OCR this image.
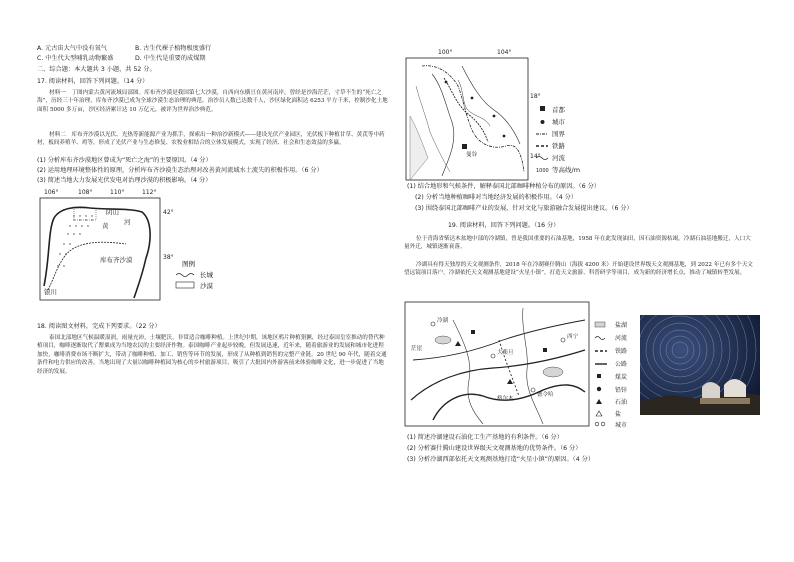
A. 元古宙大气中没有氧气	B. 古生代裸子植物极度盛行
C. 中生代大型哺乳动物繁盛	D. 中生代是重要的成煤期
二、综合题：本大题共 3 小题，共 52 分。
17. 阅读材料，回答下列问题。（14 分）
材料一　丁图内蒙古黄河流域局部图。库布齐沙漠是我国第七大沙漠，自西向东横亘在黄河南岸，曾经是沙海茫茫，寸草不生的“死亡之海”，历经三十年治理，库布齐沙漠已成为全球沙漠生态治理的典范。治沙员人数已达数千人，沙区绿化面积达 6253 平方千米，控制沙化土地面积 5000 多万亩，沙区经济累计达 10 万亿元，被评为世界治沙典范。
材料二　库布齐沙漠以光伏、光热等新能源产业为抓手，探索出一种治沙新模式——建设光伏产业园区，光伏板下种植甘草、黄芪等中药材，板间养殖羊、鸡等，形成了光伏产业与生态修复、农牧业相结合的立体发展模式，实现了经济、社会和生态效益的多赢。
(1) 分析库布齐沙漠地区曾成为“死亡之海”的主要原因。（4 分）
(2) 运用地理环境整体性的原理，分析库布齐沙漠生态治理对改善黄河流域水土流失的积极作用。（6 分）
(3) 简述当地大力发展光伏发电对治理沙漠的积极影响。（4 分）
106°	108°	110°	112°
42°
38°
阴山
河
黄
库布齐沙漠
银川
图例
长城
沙漠
18. 阅读图文材料，完成下列要求。（22 分）
泰国北部地区气候温暖湿润，雨量充沛，土壤肥沃，非常适合咖啡种植。上世纪中期，该地区鸦片种植猖獗，经过泰国皇室推动的替代种植项目，咖啡逐渐取代了罂粟成为当地农民的主要经济作物。泰国咖啡产业起步较晚，但发展迅速，近年来，随着旅游业的发展和城市化进程加快，咖啡消费市场不断扩大，带动了咖啡种植、加工、销售等环节的发展，形成了从种植到销售的完整产业链。20 世纪 90 年代，随着交通条件和电力供应的改善，当地出现了大量以咖啡种植园为核心的乡村旅游项目，吸引了大批国内外游客前来体验咖啡文化，进一步促进了当地经济的发展。
100°	104°
18°
14°
曼谷
首都
城市
国界
铁路
河流
1000 等高线/m
(1) 结合地形和气候条件，解释泰国北部咖啡种植分布的原因。（6 分）
(2) 分析当地种植咖啡对当地经济发展的积极作用。（4 分）
(3) 围绕泰国北部咖啡产业的发展，针对文化与旅游融合发展提出建议。（6 分）
19. 阅读材料，回答下列问题。（16 分）
位于青海省柴达木盆地中部的冷湖镇，曾是我国重要的石油基地，1958 年在此发现油田，因石油资源枯竭，冷湖石油基地搬迁，人口大量外迁，城镇逐渐衰落。
冷湖具有得天独厚的天文观测条件，2018 年在冷湖赛什腾山（海拔 4200 米）开始建设世界级天文观测基地，到 2022 年已有多个天文望远镜项目落户，冷湖依托天文观测基地建设“火星小镇”，打造天文旅游、科普研学等项目，成为新的经济增长点，推动了城镇转型发展。
冷湖
茫崖
格尔木
德令哈
大柴旦
西宁
盐湖
河流
铁路
公路
煤炭
铅锌
石油
盐
城市
(1) 简述冷湖建设石油化工生产基地的有利条件。（6 分）
(2) 分析赛什腾山建设世界级天文观测基地的优势条件。（6 分）
(3) 分析冷湖西部依托天文观测基地打造“火星小镇”的原因。（4 分）
